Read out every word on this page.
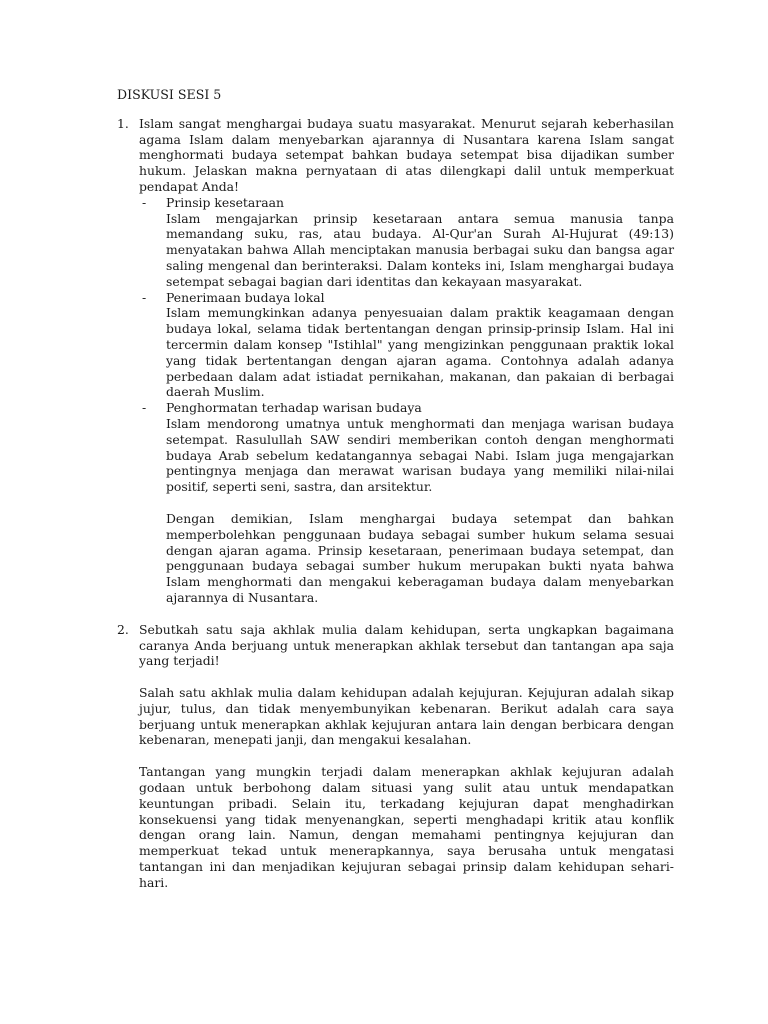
DISKUSI SESI 5
1. Islam sangat menghargai budaya suatu masyarakat. Menurut sejarah keberhasilan agama Islam dalam menyebarkan ajarannya di Nusantara karena Islam sangat menghormati budaya setempat bahkan budaya setempat bisa dijadikan sumber hukum. Jelaskan makna pernyataan di atas dilengkapi dalil untuk memperkuat pendapat Anda!

- Prinsip kesetaraan
Islam mengajarkan prinsip kesetaraan antara semua manusia tanpa memandang suku, ras, atau budaya. Al-Qur'an Surah Al-Hujurat (49:13) menyatakan bahwa Allah menciptakan manusia berbagai suku dan bangsa agar saling mengenal dan berinteraksi. Dalam konteks ini, Islam menghargai budaya setempat sebagai bagian dari identitas dan kekayaan masyarakat.
- Penerimaan budaya lokal
Islam memungkinkan adanya penyesuaian dalam praktik keagamaan dengan budaya lokal, selama tidak bertentangan dengan prinsip-prinsip Islam. Hal ini tercermin dalam konsep "Istihlal" yang mengizinkan penggunaan praktik lokal yang tidak bertentangan dengan ajaran agama. Contohnya adalah adanya perbedaan dalam adat istiadat pernikahan, makanan, dan pakaian di berbagai daerah Muslim.
- Penghormatan terhadap warisan budaya
Islam mendorong umatnya untuk menghormati dan menjaga warisan budaya setempat. Rasulullah SAW sendiri memberikan contoh dengan menghormati budaya Arab sebelum kedatangannya sebagai Nabi. Islam juga mengajarkan pentingnya menjaga dan merawat warisan budaya yang memiliki nilai-nilai positif, seperti seni, sastra, dan arsitektur.
Dengan demikian, Islam menghargai budaya setempat dan bahkan memperbolehkan penggunaan budaya sebagai sumber hukum selama sesuai dengan ajaran agama. Prinsip kesetaraan, penerimaan budaya setempat, dan penggunaan budaya sebagai sumber hukum merupakan bukti nyata bahwa Islam menghormati dan mengakui keberagaman budaya dalam menyebarkan ajarannya di Nusantara.
2. Sebutkah satu saja akhlak mulia dalam kehidupan, serta ungkapkan bagaimana caranya Anda berjuang untuk menerapkan akhlak tersebut dan tantangan apa saja yang terjadi!

Salah satu akhlak mulia dalam kehidupan adalah kejujuran. Kejujuran adalah sikap jujur, tulus, dan tidak menyembunyikan kebenaran. Berikut adalah cara saya berjuang untuk menerapkan akhlak kejujuran antara lain dengan berbicara dengan kebenaran, menepati janji, dan mengakui kesalahan.

Tantangan yang mungkin terjadi dalam menerapkan akhlak kejujuran adalah godaan untuk berbohong dalam situasi yang sulit atau untuk mendapatkan keuntungan pribadi. Selain itu, terkadang kejujuran dapat menghadirkan konsekuensi yang tidak menyenangkan, seperti menghadapi kritik atau konflik dengan orang lain. Namun, dengan memahami pentingnya kejujuran dan memperkuat tekad untuk menerapkannya, saya berusaha untuk mengatasi tantangan ini dan menjadikan kejujuran sebagai prinsip dalam kehidupan sehari-hari.
